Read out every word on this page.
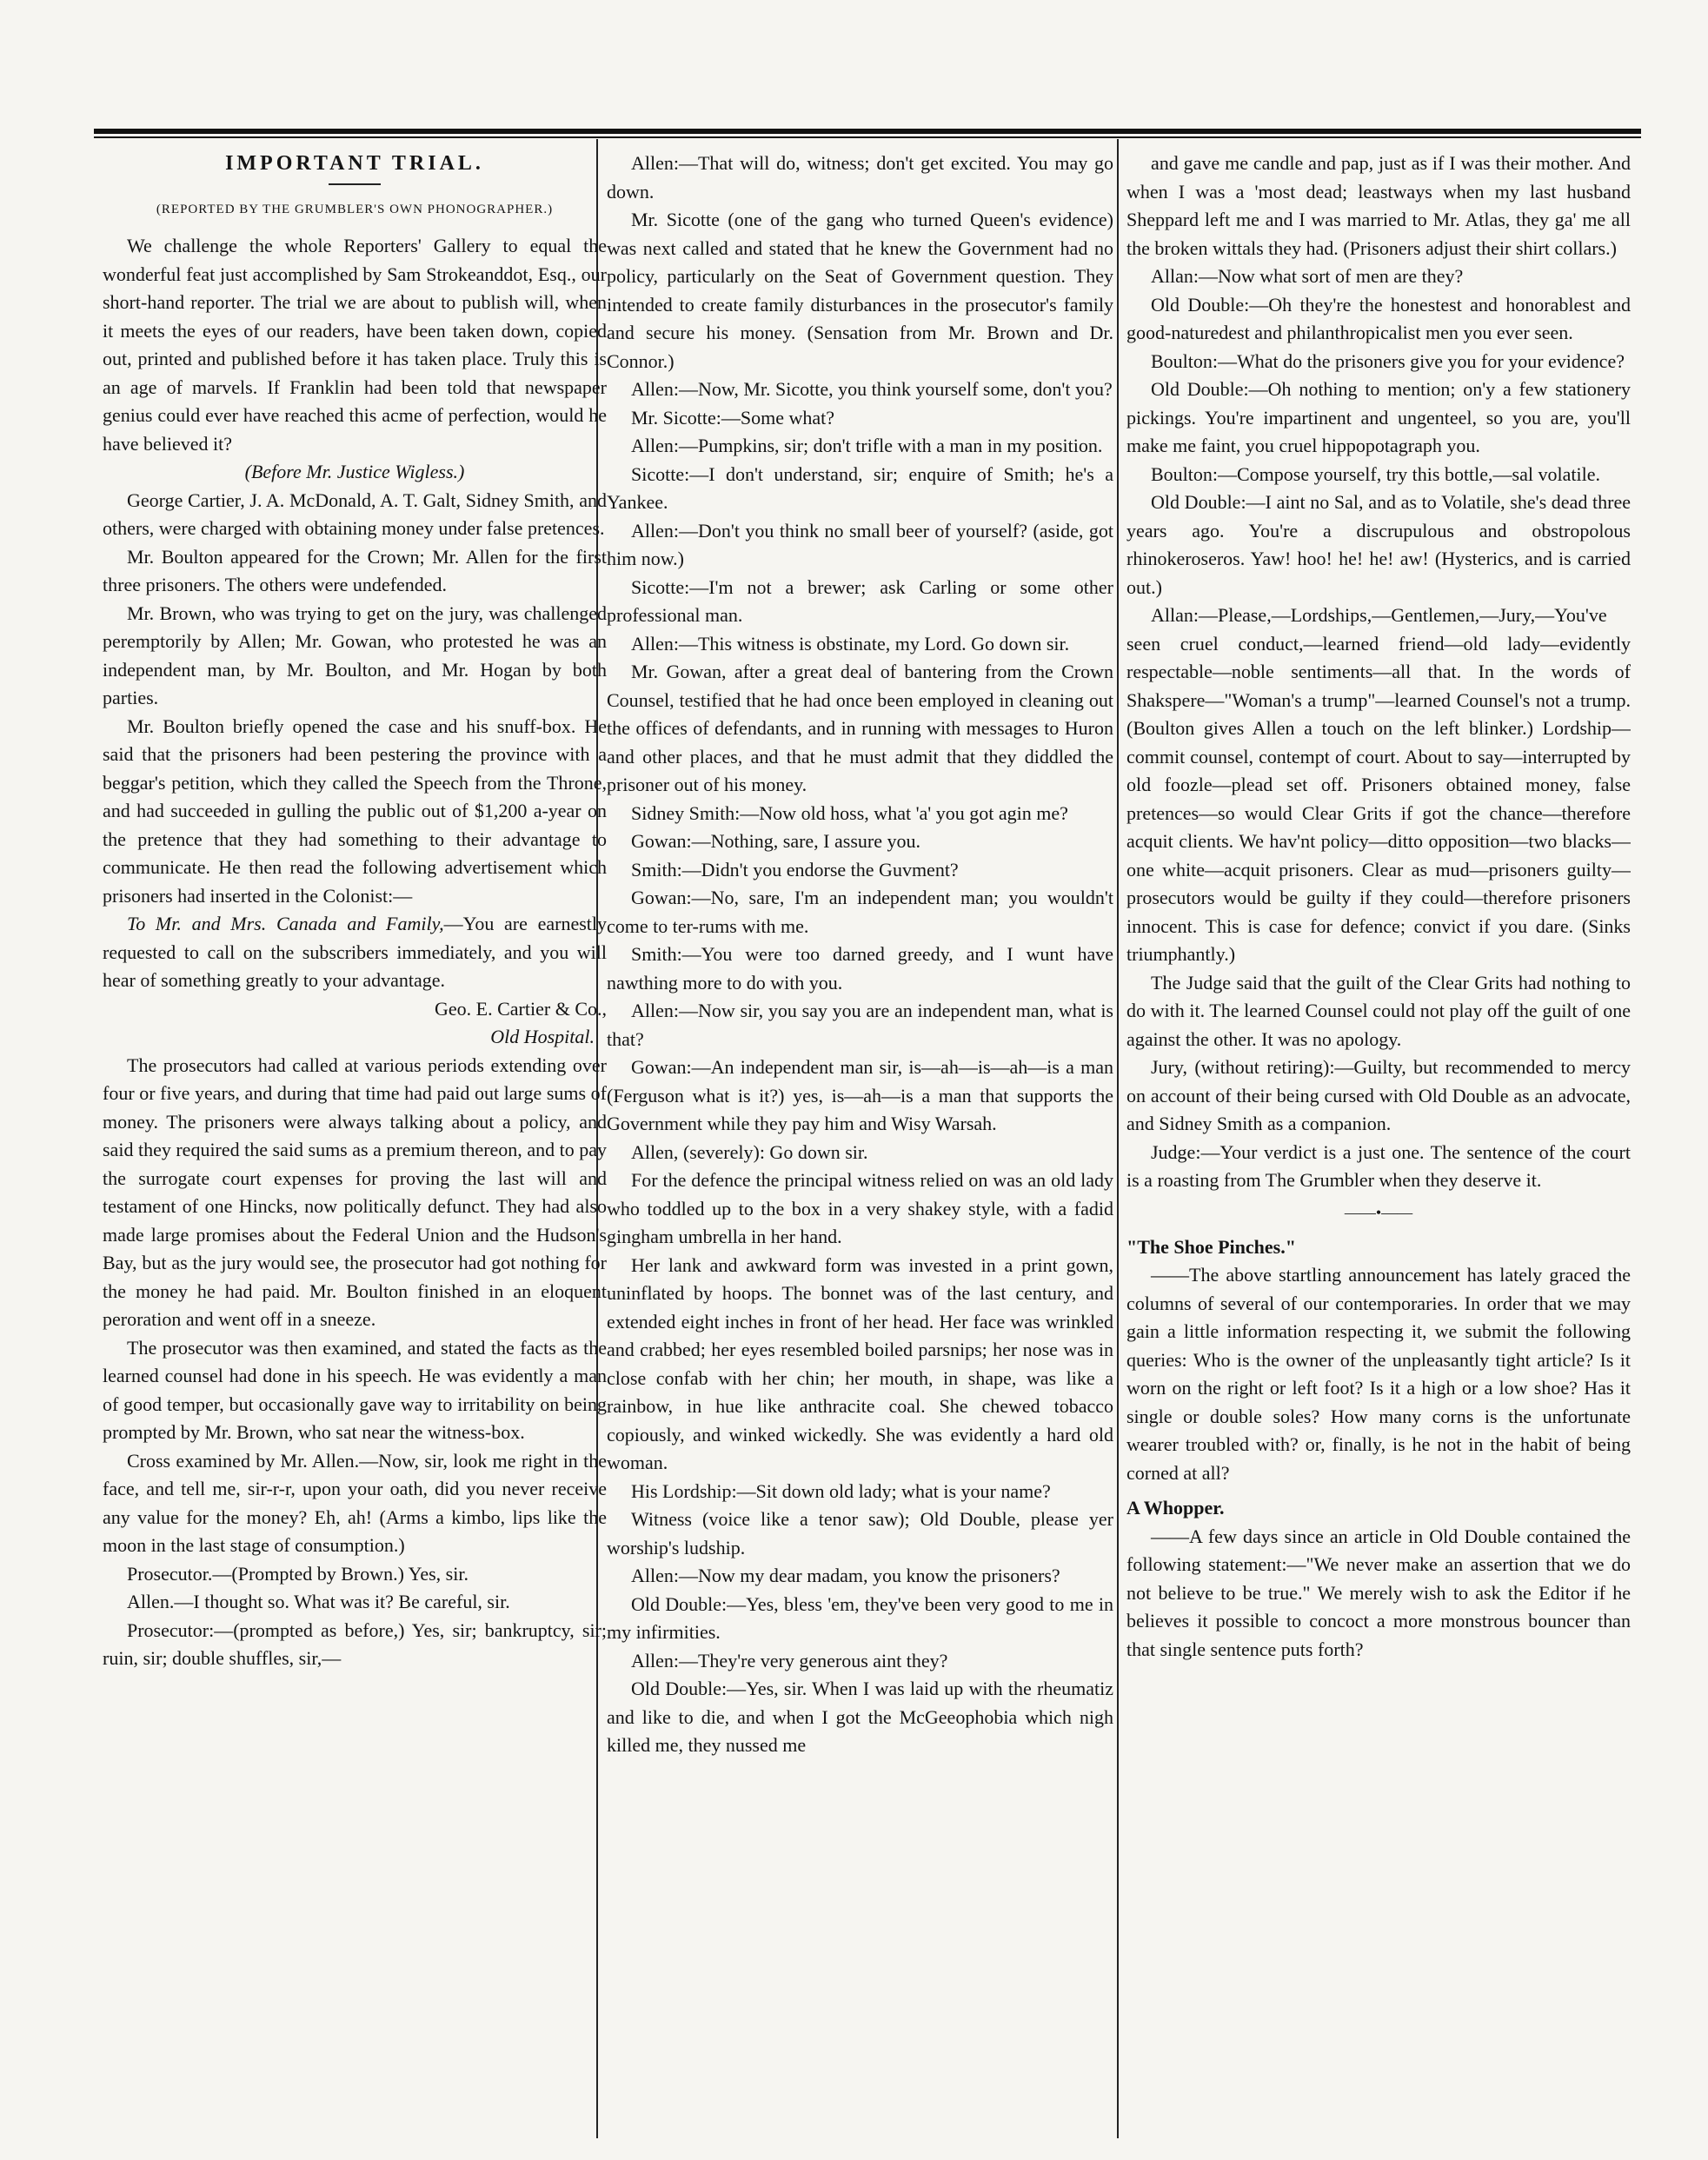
IMPORTANT TRIAL.

(REPORTED BY THE GRUMBLER'S OWN PHONOGRAPHER.)

We challenge the whole Reporters' Gallery to equal the wonderful feat just accomplished by Sam Strokeanddot, Esq., our short-hand reporter. The trial we are about to publish will, when it meets the eyes of our readers, have been taken down, copied out, printed and published before it has taken place. Truly this is an age of marvels. If Franklin had been told that newspaper genius could ever have reached this acme of perfection, would he have believed it?

(Before Mr. Justice Wigless.)

George Cartier, J. A. McDonald, A. T. Galt, Sidney Smith, and others, were charged with obtaining money under false pretences.

Mr. Boulton appeared for the Crown; Mr. Allen for the first three prisoners. The others were undefended.

Mr. Brown, who was trying to get on the jury, was challenged peremptorily by Allen; Mr. Gowan, who protested he was an independent man, by Mr. Boulton, and Mr. Hogan by both parties.

Mr. Boulton briefly opened the case and his snuff-box. He said that the prisoners had been pestering the province with a beggar's petition, which they called the Speech from the Throne, and had succeeded in gulling the public out of $1,200 a-year on the pretence that they had something to their advantage to communicate. He then read the following advertisement which prisoners had inserted in the Colonist:—

To Mr. and Mrs. Canada and Family,—You are earnestly requested to call on the subscribers immediately, and you will hear of something greatly to your advantage.

Geo. E. Cartier & Co.,

Old Hospital.

The prosecutors had called at various periods extending over four or five years, and during that time had paid out large sums of money. The prisoners were always talking about a policy, and said they required the said sums as a premium thereon, and to pay the surrogate court expenses for proving the last will and testament of one Hincks, now politically defunct. They had also made large promises about the Federal Union and the Hudson's Bay, but as the jury would see, the prosecutor had got nothing for the money he had paid. Mr. Boulton finished in an eloquent peroration and went off in a sneeze.

The prosecutor was then examined, and stated the facts as the learned counsel had done in his speech. He was evidently a man of good temper, but occasionally gave way to irritability on being prompted by Mr. Brown, who sat near the witness-box.

Cross examined by Mr. Allen.—Now, sir, look me right in the face, and tell me, sir-r-r, upon your oath, did you never receive any value for the money? Eh, ah! (Arms a kimbo, lips like the moon in the last stage of consumption.)

Prosecutor.—(Prompted by Brown.) Yes, sir.

Allen.—I thought so. What was it? Be careful, sir.

Prosecutor:—(prompted as before,) Yes, sir; bankruptcy, sir; ruin, sir; double shuffles, sir,—

Allen:—That will do, witness; don't get excited. You may go down.

Mr. Sicotte (one of the gang who turned Queen's evidence) was next called and stated that he knew the Government had no policy, particularly on the Seat of Government question. They intended to create family disturbances in the prosecutor's family and secure his money. (Sensation from Mr. Brown and Dr. Connor.)

Allen:—Now, Mr. Sicotte, you think yourself some, don't you?

Mr. Sicotte:—Some what?

Allen:—Pumpkins, sir; don't trifle with a man in my position.

Sicotte:—I don't understand, sir; enquire of Smith; he's a Yankee.

Allen:—Don't you think no small beer of yourself? (aside, got him now.)

Sicotte:—I'm not a brewer; ask Carling or some other professional man.

Allen:—This witness is obstinate, my Lord. Go down sir.

Mr. Gowan, after a great deal of bantering from the Crown Counsel, testified that he had once been employed in cleaning out the offices of defendants, and in running with messages to Huron and other places, and that he must admit that they diddled the prisoner out of his money.

Sidney Smith:—Now old hoss, what 'a' you got agin me?

Gowan:—Nothing, sare, I assure you.

Smith:—Didn't you endorse the Guvment?

Gowan:—No, sare, I'm an independent man; you wouldn't come to ter-rums with me.

Smith:—You were too darned greedy, and I wunt have nawthing more to do with you.

Allen:—Now sir, you say you are an independent man, what is that?

Gowan:—An independent man sir, is—ah—is—ah—is a man (Ferguson what is it?) yes, is—ah—is a man that supports the Government while they pay him and Wisy Warsah.

Allen, (severely): Go down sir.

For the defence the principal witness relied on was an old lady who toddled up to the box in a very shakey style, with a fadid gingham umbrella in her hand.

Her lank and awkward form was invested in a print gown, uninflated by hoops. The bonnet was of the last century, and extended eight inches in front of her head. Her face was wrinkled and crabbed; her eyes resembled boiled parsnips; her nose was in close confab with her chin; her mouth, in shape, was like a rainbow, in hue like anthracite coal. She chewed tobacco copiously, and winked wickedly. She was evidently a hard old woman.

His Lordship:—Sit down old lady; what is your name?

Witness (voice like a tenor saw); Old Double, please yer worship's ludship.

Allen:—Now my dear madam, you know the prisoners?

Old Double:—Yes, bless 'em, they've been very good to me in my infirmities.

Allen:—They're very generous aint they?

Old Double:—Yes, sir. When I was laid up with the rheumatiz and like to die, and when I got the McGeeophobia which nigh killed me, they nussed me

and gave me candle and pap, just as if I was their mother. And when I was a 'most dead; leastways when my last husband Sheppard left me and I was married to Mr. Atlas, they ga' me all the broken wittals they had. (Prisoners adjust their shirt collars.)

Allan:—Now what sort of men are they?

Old Double:—Oh they're the honestest and honorablest and good-naturedest and philanthropicalist men you ever seen.

Boulton:—What do the prisoners give you for your evidence?

Old Double:—Oh nothing to mention; on'y a few stationery pickings. You're impartinent and ungenteel, so you are, you'll make me faint, you cruel hippopotagraph you.

Boulton:—Compose yourself, try this bottle,—sal volatile.

Old Double:—I aint no Sal, and as to Volatile, she's dead three years ago. You're a discrupulous and obstropolous rhinokeroseros. Yaw! hoo! he! he! aw! (Hysterics, and is carried out.)

Allan:—Please,—Lordships,—Gentlemen,—Jury,—You've seen cruel conduct,—learned friend—old lady—evidently respectable—noble sentiments—all that. In the words of Shakspere—"Woman's a trump"—learned Counsel's not a trump. (Boulton gives Allen a touch on the left blinker.) Lordship—commit counsel, contempt of court. About to say—interrupted by old foozle—plead set off. Prisoners obtained money, false pretences—so would Clear Grits if got the chance—therefore acquit clients. We hav'nt policy—ditto opposition—two blacks—one white—acquit prisoners. Clear as mud—prisoners guilty—prosecutors would be guilty if they could—therefore prisoners innocent. This is case for defence; convict if you dare. (Sinks triumphantly.)

The Judge said that the guilt of the Clear Grits had nothing to do with it. The learned Counsel could not play off the guilt of one against the other. It was no apology.

Jury, (without retiring):—Guilty, but recommended to mercy on account of their being cursed with Old Double as an advocate, and Sidney Smith as a companion.

Judge:—Your verdict is a just one. The sentence of the court is a roasting from The Grumbler when they deserve it.

——•——

"The Shoe Pinches."

——The above startling announcement has lately graced the columns of several of our contemporaries. In order that we may gain a little information respecting it, we submit the following queries: Who is the owner of the unpleasantly tight article? Is it worn on the right or left foot? Is it a high or a low shoe? Has it single or double soles? How many corns is the unfortunate wearer troubled with? or, finally, is he not in the habit of being corned at all?

A Whopper.

——A few days since an article in Old Double contained the following statement:—"We never make an assertion that we do not believe to be true." We merely wish to ask the Editor if he believes it possible to concoct a more monstrous bouncer than that single sentence puts forth?
